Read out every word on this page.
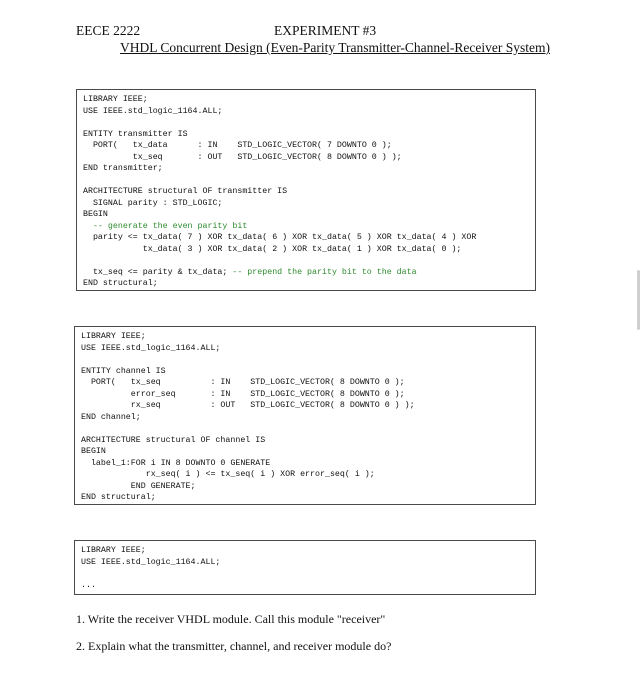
EECE 2222	EXPERIMENT #3
VHDL Concurrent Design (Even-Parity Transmitter-Channel-Receiver System)
LIBRARY IEEE;
USE IEEE.std_logic_1164.ALL;

ENTITY transmitter IS
PORT(   tx_data      : IN    STD_LOGIC_VECTOR( 7 DOWNTO 0 );
tx_seq       : OUT   STD_LOGIC_VECTOR( 8 DOWNTO 0 ) );
END transmitter;

ARCHITECTURE structural OF transmitter IS
SIGNAL parity : STD_LOGIC;
BEGIN
-- generate the even parity bit
parity <= tx_data( 7 ) XOR tx_data( 6 ) XOR tx_data( 5 ) XOR tx_data( 4 ) XOR
tx_data( 3 ) XOR tx_data( 2 ) XOR tx_data( 1 ) XOR tx_data( 0 );

tx_seq <= parity & tx_data; -- prepend the parity bit to the data
END structural;
LIBRARY IEEE;
USE IEEE.std_logic_1164.ALL;

ENTITY channel IS
PORT(   tx_seq          : IN    STD_LOGIC_VECTOR( 8 DOWNTO 0 );
error_seq       : IN    STD_LOGIC_VECTOR( 8 DOWNTO 0 );
rx_seq          : OUT   STD_LOGIC_VECTOR( 8 DOWNTO 0 ) );
END channel;

ARCHITECTURE structural OF channel IS
BEGIN
label_1:FOR i IN 8 DOWNTO 0 GENERATE
rx_seq( i ) <= tx_seq( i ) XOR error_seq( i );
END GENERATE;
END structural;
LIBRARY IEEE;
USE IEEE.std_logic_1164.ALL;

...
1. Write the receiver VHDL module. Call this module "receiver"
2. Explain what the transmitter, channel, and receiver module do?
